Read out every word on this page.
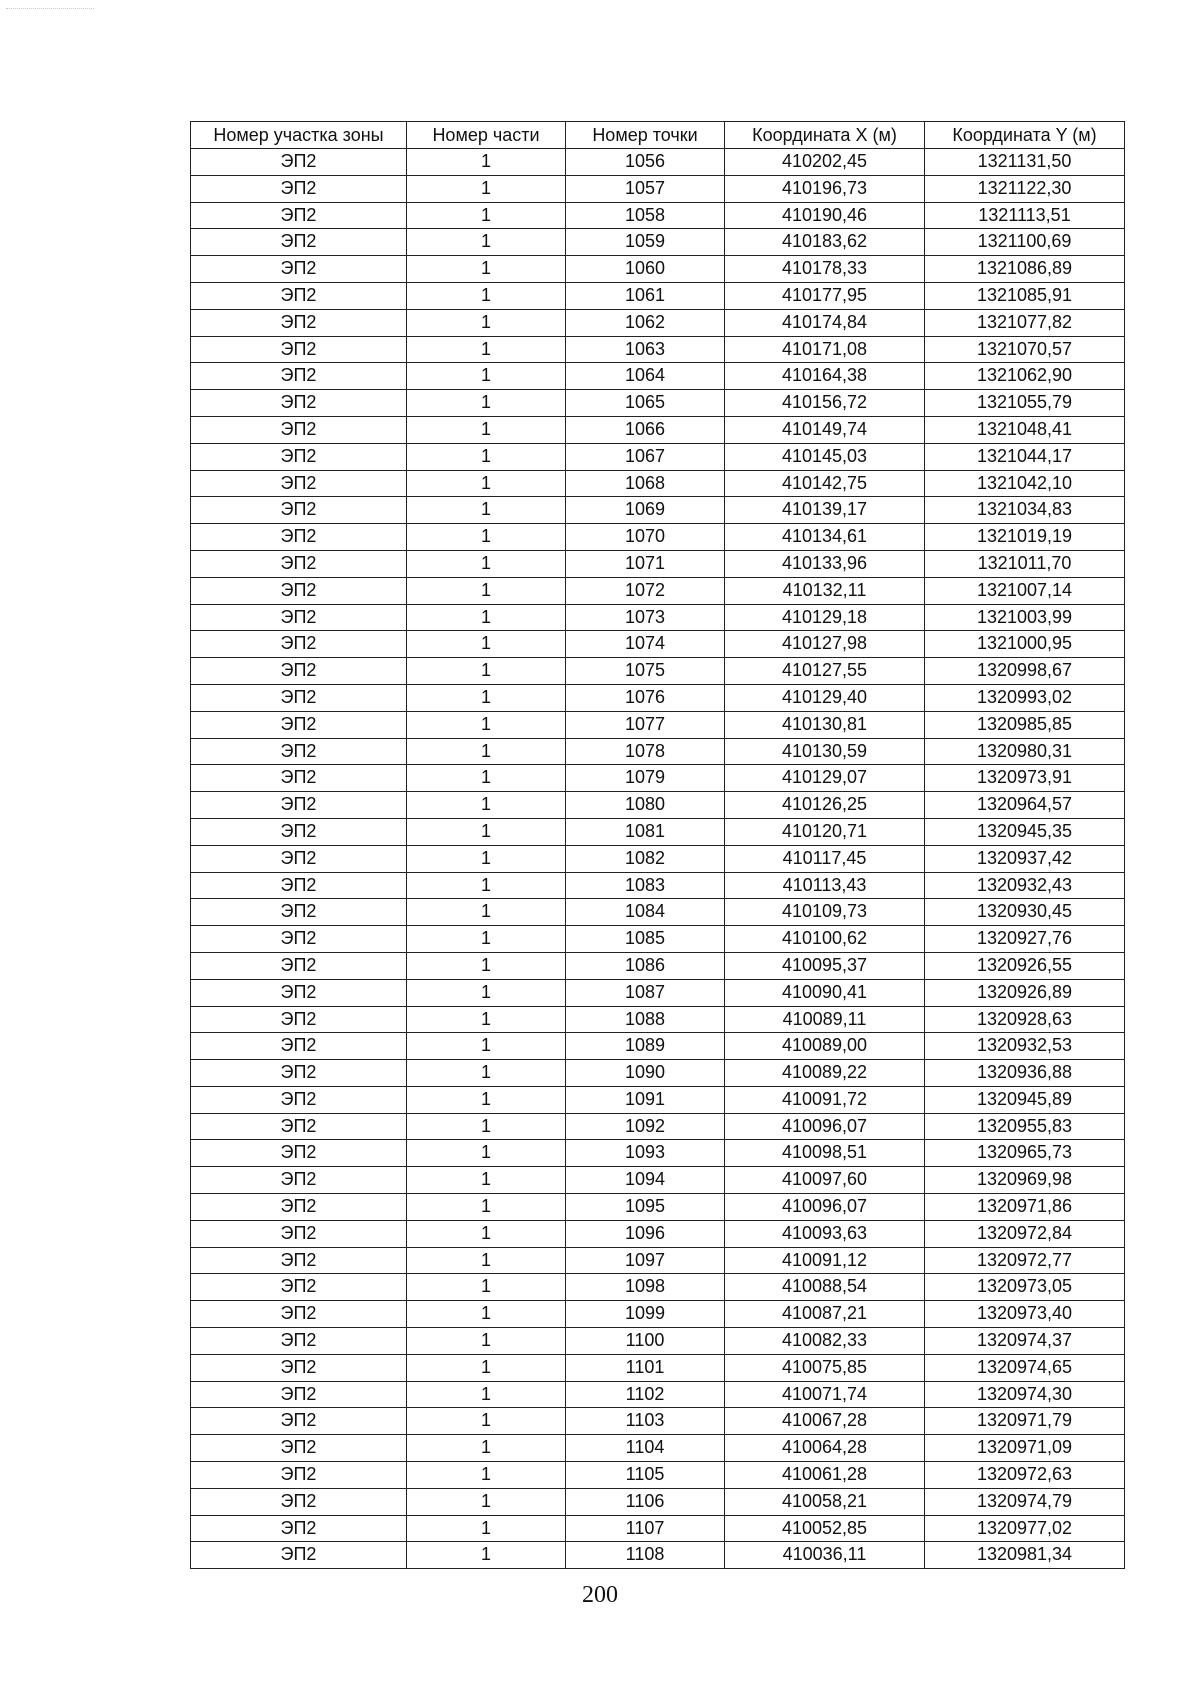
Номер участка зоны	Номер части	Номер точки	Координата X (м)	Координата Y (м)
ЭП2	1	1056	410202,45	1321131,50
ЭП2	1	1057	410196,73	1321122,30
ЭП2	1	1058	410190,46	1321113,51
ЭП2	1	1059	410183,62	1321100,69
ЭП2	1	1060	410178,33	1321086,89
ЭП2	1	1061	410177,95	1321085,91
ЭП2	1	1062	410174,84	1321077,82
ЭП2	1	1063	410171,08	1321070,57
ЭП2	1	1064	410164,38	1321062,90
ЭП2	1	1065	410156,72	1321055,79
ЭП2	1	1066	410149,74	1321048,41
ЭП2	1	1067	410145,03	1321044,17
ЭП2	1	1068	410142,75	1321042,10
ЭП2	1	1069	410139,17	1321034,83
ЭП2	1	1070	410134,61	1321019,19
ЭП2	1	1071	410133,96	1321011,70
ЭП2	1	1072	410132,11	1321007,14
ЭП2	1	1073	410129,18	1321003,99
ЭП2	1	1074	410127,98	1321000,95
ЭП2	1	1075	410127,55	1320998,67
ЭП2	1	1076	410129,40	1320993,02
ЭП2	1	1077	410130,81	1320985,85
ЭП2	1	1078	410130,59	1320980,31
ЭП2	1	1079	410129,07	1320973,91
ЭП2	1	1080	410126,25	1320964,57
ЭП2	1	1081	410120,71	1320945,35
ЭП2	1	1082	410117,45	1320937,42
ЭП2	1	1083	410113,43	1320932,43
ЭП2	1	1084	410109,73	1320930,45
ЭП2	1	1085	410100,62	1320927,76
ЭП2	1	1086	410095,37	1320926,55
ЭП2	1	1087	410090,41	1320926,89
ЭП2	1	1088	410089,11	1320928,63
ЭП2	1	1089	410089,00	1320932,53
ЭП2	1	1090	410089,22	1320936,88
ЭП2	1	1091	410091,72	1320945,89
ЭП2	1	1092	410096,07	1320955,83
ЭП2	1	1093	410098,51	1320965,73
ЭП2	1	1094	410097,60	1320969,98
ЭП2	1	1095	410096,07	1320971,86
ЭП2	1	1096	410093,63	1320972,84
ЭП2	1	1097	410091,12	1320972,77
ЭП2	1	1098	410088,54	1320973,05
ЭП2	1	1099	410087,21	1320973,40
ЭП2	1	1100	410082,33	1320974,37
ЭП2	1	1101	410075,85	1320974,65
ЭП2	1	1102	410071,74	1320974,30
ЭП2	1	1103	410067,28	1320971,79
ЭП2	1	1104	410064,28	1320971,09
ЭП2	1	1105	410061,28	1320972,63
ЭП2	1	1106	410058,21	1320974,79
ЭП2	1	1107	410052,85	1320977,02
ЭП2	1	1108	410036,11	1320981,34
200
